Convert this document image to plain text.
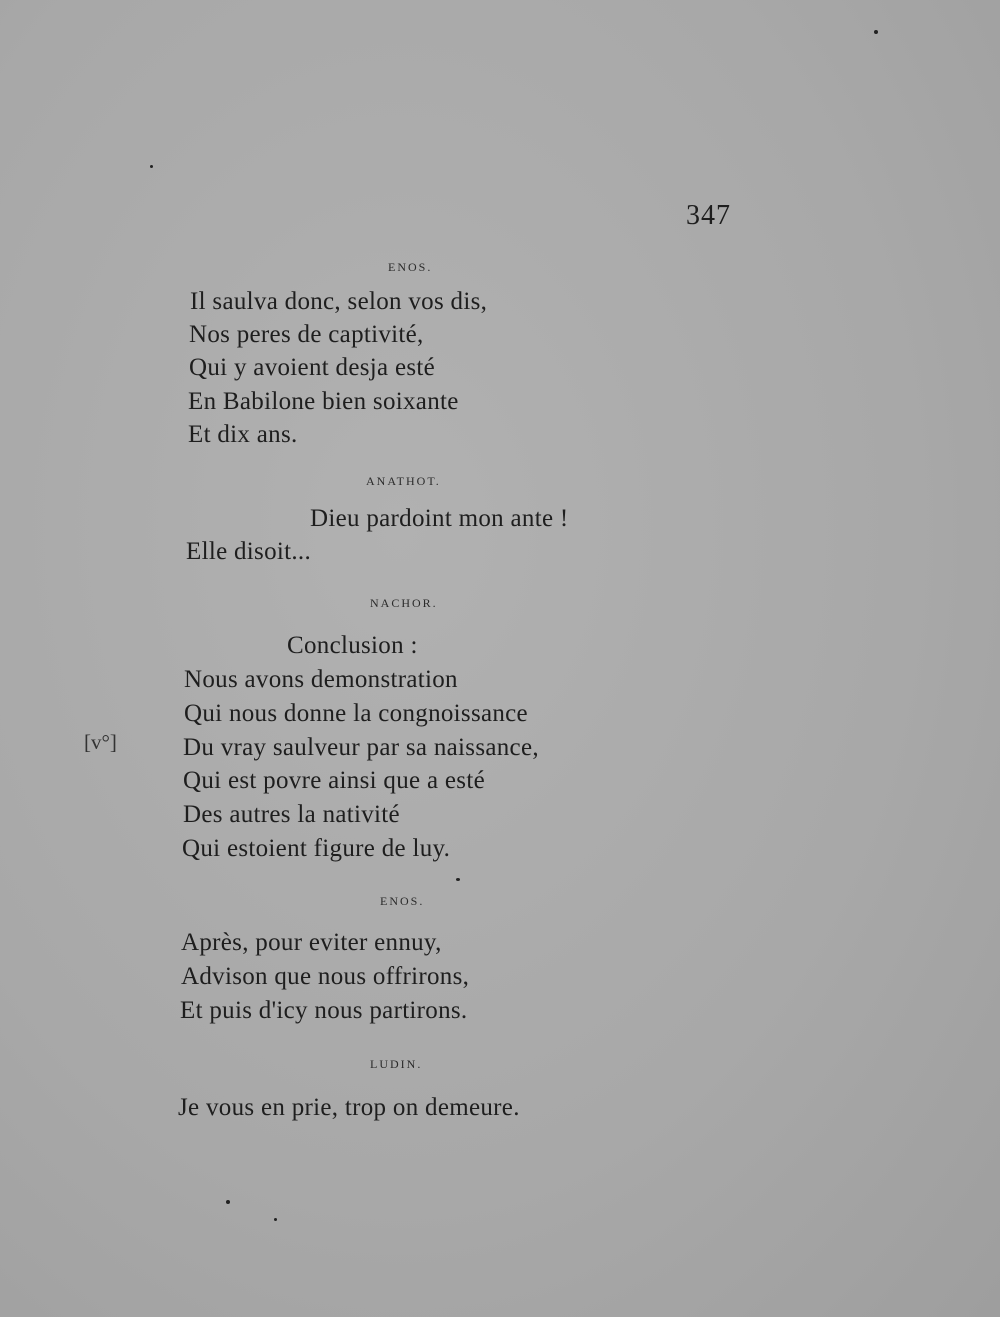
347
ENOS.
Il saulva donc, selon vos dis,
Nos peres de captivité,
Qui y avoient desja esté
En Babilone bien soixante
Et dix ans.
ANATHOT.
Dieu pardoint mon ante !
Elle disoit...
NACHOR.
Conclusion :
Nous avons demonstration
Qui nous donne la congnoissance
Du vray saulveur par sa naissance,
Qui est povre ainsi que a esté
Des autres la nativité
Qui estoient figure de luy.
[v°]
ENOS.
Après, pour eviter ennuy,
Advison que nous offrirons,
Et puis d'icy nous partirons.
LUDIN.
Je vous en prie, trop on demeure.
